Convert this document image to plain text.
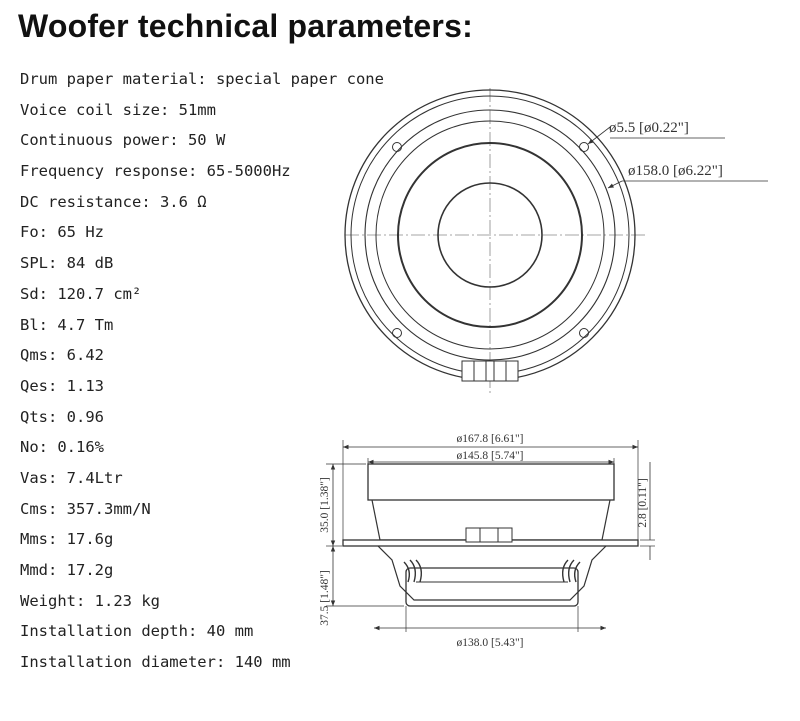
Woofer technical parameters:
Drum paper material: special paper cone
Voice coil size: 51mm
Continuous power: 50 W
Frequency response: 65-5000Hz
DC resistance: 3.6 Ω
Fo: 65 Hz
SPL: 84 dB
Sd: 120.7 cm²
Bl: 4.7 Tm
Qms: 6.42
Qes: 1.13
Qts: 0.96
No: 0.16%
Vas: 7.4Ltr
Cms: 357.3mm/N
Mms: 17.6g
Mmd: 17.2g
Weight: 1.23 kg
Installation depth: 40 mm
Installation diameter: 140 mm
ø5.5 [ø0.22"]
ø158.0 [ø6.22"]
ø167.8 [6.61"]
ø145.8 [5.74"]
ø138.0 [5.43"]
35.0 [1.38"]
37.5 [1.48"]
2.8 [0.11"]
